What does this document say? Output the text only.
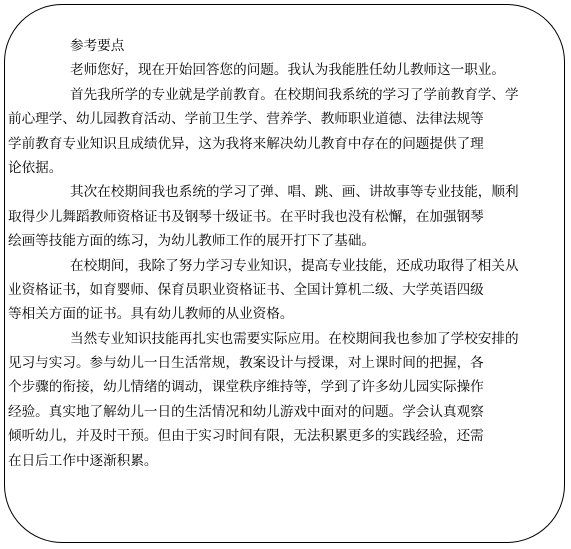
参考要点
老师您好，现在开始回答您的问题。我认为我能胜任幼儿教师这一职业。
首先我所学的专业就是学前教育。在校期间我系统的学习了学前教育学、学
前心理学、幼儿园教育活动、学前卫生学、营养学、教师职业道德、法律法规等
学前教育专业知识且成绩优异，这为我将来解决幼儿教育中存在的问题提供了理
论依据。
其次在校期间我也系统的学习了弹、唱、跳、画、讲故事等专业技能，顺利
取得少儿舞蹈教师资格证书及钢琴十级证书。在平时我也没有松懈，在加强钢琴
绘画等技能方面的练习，为幼儿教师工作的展开打下了基础。
在校期间，我除了努力学习专业知识，提高专业技能，还成功取得了相关从
业资格证书，如育婴师、保育员职业资格证书、全国计算机二级、大学英语四级
等相关方面的证书。具有幼儿教师的从业资格。
当然专业知识技能再扎实也需要实际应用。在校期间我也参加了学校安排的
见习与实习。参与幼儿一日生活常规，教案设计与授课，对上课时间的把握，各
个步骤的衔接，幼儿情绪的调动，课堂秩序维持等，学到了许多幼儿园实际操作
经验。真实地了解幼儿一日的生活情况和幼儿游戏中面对的问题。学会认真观察
倾听幼儿，并及时干预。但由于实习时间有限，无法积累更多的实践经验，还需
在日后工作中逐渐积累。
